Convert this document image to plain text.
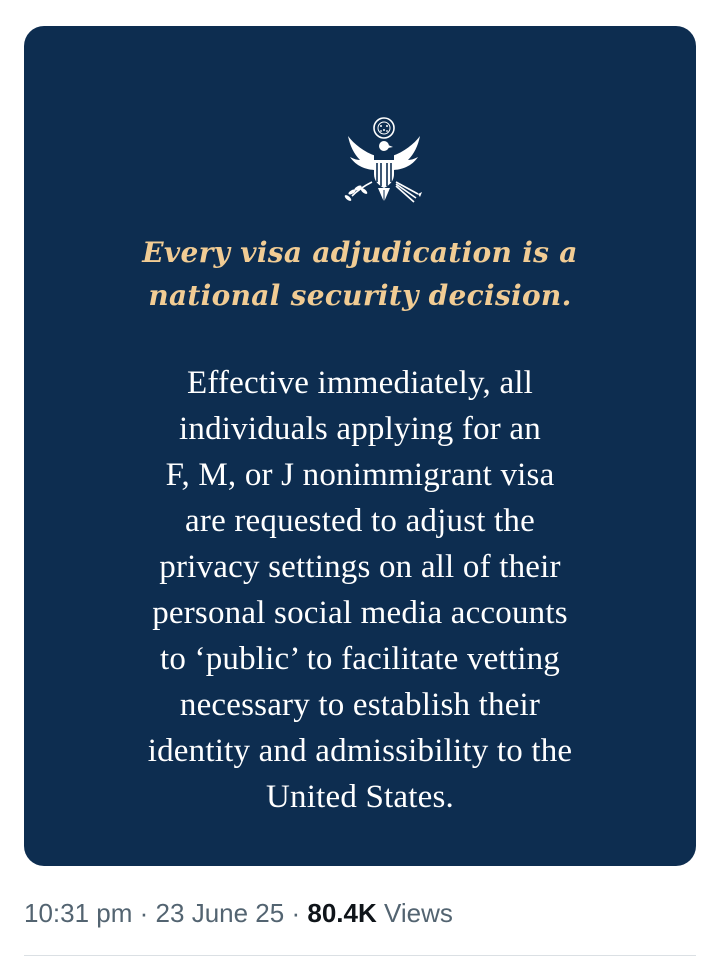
Every visa adjudication is a
national security decision.

Effective immediately, all
individuals applying for an
F, M, or J nonimmigrant visa
are requested to adjust the
privacy settings on all of their
personal social media accounts
to ‘public’ to facilitate vetting
necessary to establish their
identity and admissibility to the
United States.

10:31 pm · 23 June 25 · 80.4K Views
